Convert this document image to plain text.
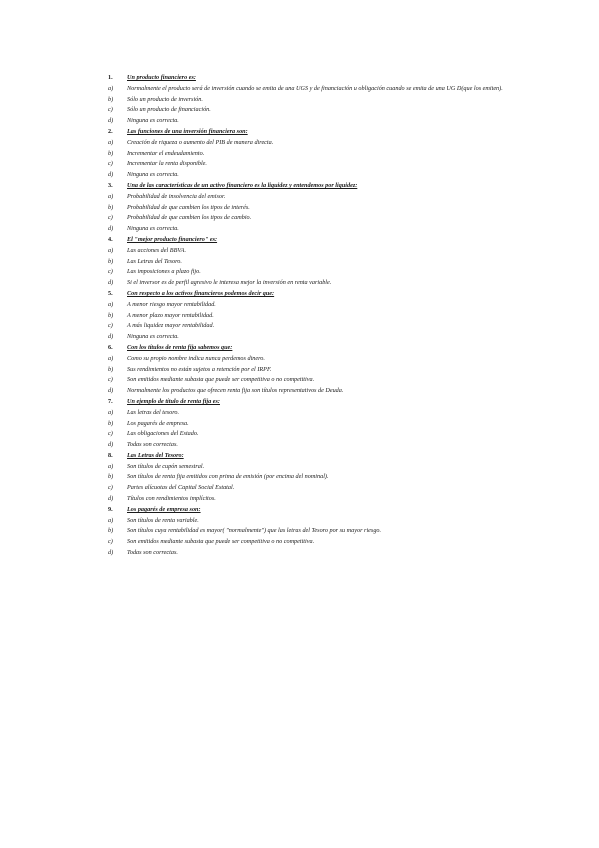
1.	Un producto financiero es:
a)	Normalmente el producto será de inversión cuando se emita de una UGS y de financiación u obligación cuando se emita de una UG D(que los emiten).
b)	Sólo un producto de inversión.
c)	Sólo un producto de financiación.
d)	Ninguna es correcta.
2.	Las funciones de una inversión financiera son:
a)	Creación de riqueza o aumento del PIB de manera directa.
b)	Incrementar el endeudamiento.
c)	Incrementar la renta disponible.
d)	Ninguna es correcta.
3.	Una de las características de un activo financiero es la liquidez y entendemos por liquidez:
a)	Probabilidad de insolvencia del emisor.
b)	Probabilidad de que cambien los tipos de interés.
c)	Probabilidad de que cambien los tipos de cambio.
d)	Ninguna es correcta.
4.	El "mejor producto financiero" es:
a)	Las acciones del BBVA.
b)	Las Letras del Tesoro.
c)	Las imposiciones a plazo fijo.
d)	Si el inversor es de perfil agresivo le interesa mejor la inversión en renta variable.
5.	Con respecto a los activos financieros podemos decir que:
a)	A menor riesgo mayor rentabilidad.
b)	A menor plazo mayor rentabilidad.
c)	A más liquidez mayor rentabilidad.
d)	Ninguna es correcta.
6.	Con los títulos de renta fija sabemos que:
a)	Como su propio nombre indica nunca perdemos dinero.
b)	Sus rendimientos no están sujetos a retención por el IRPF.
c)	Son emitidos mediante subasta que puede ser competitiva o no competitiva.
d)	Normalmente los productos que ofrecen renta fija son títulos representativos de Deuda.
7.	Un ejemplo de título de renta fija es:
a)	Las letras del tesoro.
b)	Los pagarés de empresa.
c)	Las obligaciones del Estado.
d)	Todas son correctas.
8.	Las Letras del Tesoro:
a)	Son títulos de cupón semestral.
b)	Son títulos de renta fija emitidos con prima de emisión (por encima del nominal).
c)	Partes alícuotas del Capital Social Estatal.
d)	Títulos con rendimientos implícitos.
9.	Los pagarés de empresa son:
a)	Son títulos de renta variable.
b)	Son títulos cuya rentabilidad es mayor( "normalmente") que las letras del Tesoro por su mayor riesgo.
c)	Son emitidos mediante subasta que puede ser competitiva o no competitiva.
d)	Todas son correctas.
